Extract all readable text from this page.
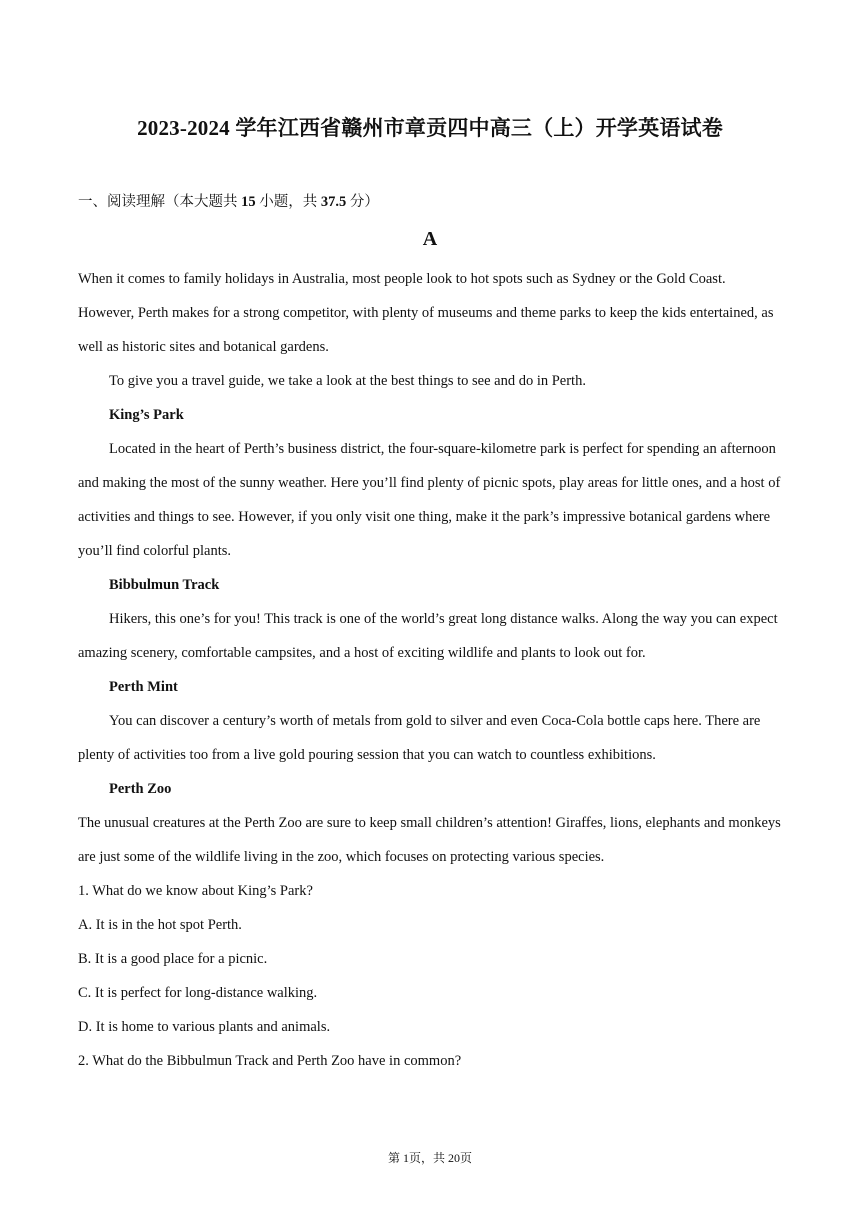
2023-2024 学年江西省赣州市章贡四中高三（上）开学英语试卷
一、阅读理解（本大题共 15 小题，共 37.5 分）
A

When it comes to family holidays in Australia, most people look to hot spots such as Sydney or the Gold Coast. However, Perth makes for a strong competitor, with plenty of museums and theme parks to keep the kids entertained, as well as historic sites and botanical gardens.

To give you a travel guide, we take a look at the best things to see and do in Perth.

King’s Park

Located in the heart of Perth’s business district, the four-square-kilometre park is perfect for spending an afternoon and making the most of the sunny weather. Here you’ll find plenty of picnic spots, play areas for little ones, and a host of activities and things to see. However, if you only visit one thing, make it the park’s impressive botanical gardens where you’ll find colorful plants.

Bibbulmun Track

Hikers, this one’s for you! This track is one of the world’s great long distance walks. Along the way you can expect amazing scenery, comfortable campsites, and a host of exciting wildlife and plants to look out for.

Perth Mint

You can discover a century’s worth of metals from gold to silver and even Coca-Cola bottle caps here. There are plenty of activities too from a live gold pouring session that you can watch to countless exhibitions.

Perth Zoo

The unusual creatures at the Perth Zoo are sure to keep small children’s attention! Giraffes, lions, elephants and monkeys are just some of the wildlife living in the zoo, which focuses on protecting various species.

1. What do we know about King’s Park?

A. It is in the hot spot Perth.

B. It is a good place for a picnic.

C. It is perfect for long-distance walking.

D. It is home to various plants and animals.

2. What do the Bibbulmun Track and Perth Zoo have in common?

第 1页，共 20页
